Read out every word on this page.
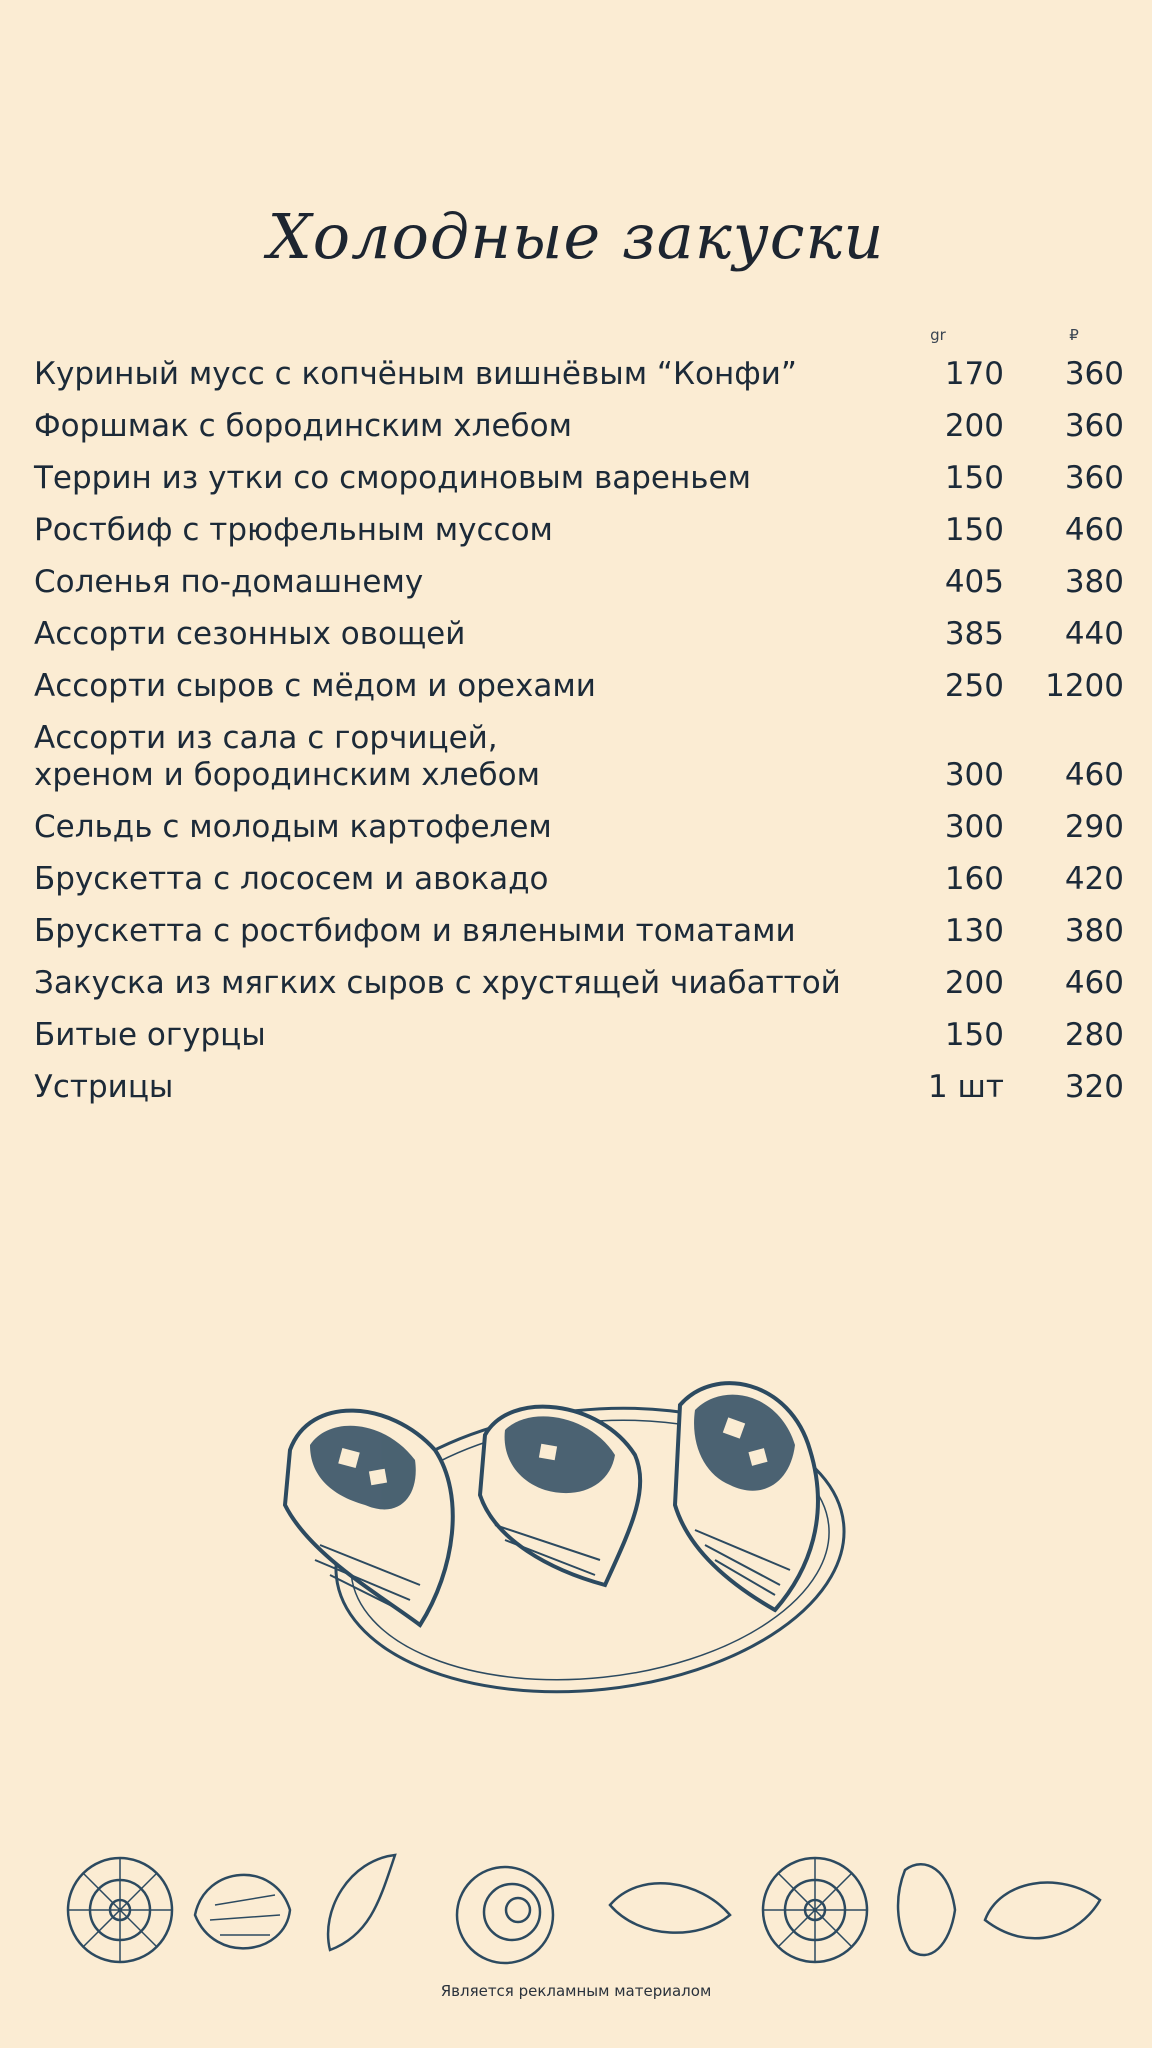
Холодные закуски
gr	₽
Куриный мусс с копчёным вишнёвым “Конфи”	170	360
Форшмак с бородинским хлебом	200	360
Террин из утки со смородиновым вареньем	150	360
Ростбиф с трюфельным муссом	150	460
Соленья по-домашнему	405	380
Ассорти сезонных овощей	385	440
Ассорти сыров с мёдом и орехами	250	1200
Ассорти из сала с горчицей,
хреном и бородинским хлебом	300	460
Сельдь с молодым картофелем	300	290
Брускетта с лососем и авокадо	160	420
Брускетта с ростбифом и вялеными томатами	130	380
Закуска из мягких сыров с хрустящей чиабаттой	200	460
Битые огурцы	150	280
Устрицы	1 шт	320
Является рекламным материалом
